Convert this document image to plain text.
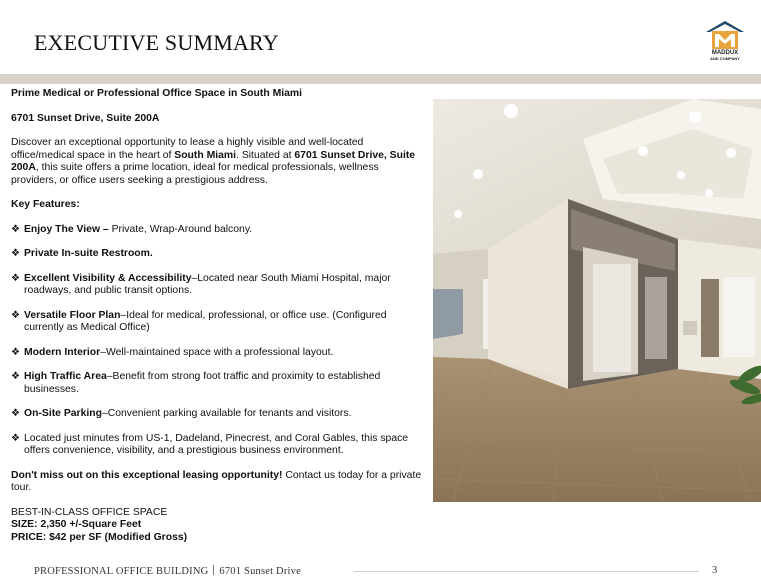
EXECUTIVE SUMMARY	MADDUX
AND COMPANY

Prime Medical or Professional Office Space in South Miami

6701 Sunset Drive, Suite 200A

Discover an exceptional opportunity to lease a highly visible and well-located office/medical space in the heart of South Miami. Situated at 6701 Sunset Drive, Suite 200A, this suite offers a prime location, ideal for medical professionals, wellness providers, or office users seeking a prestigious address.

Key Features:

❖ Enjoy The View – Private, Wrap-Around balcony.

❖ Private In-suite Restroom.

❖ Excellent Visibility & Accessibility–Located near South Miami Hospital, major roadways, and public transit options.

❖ Versatile Floor Plan–Ideal for medical, professional, or office use. (Configured currently as Medical Office)

❖ Modern Interior–Well-maintained space with a professional layout.

❖ High Traffic Area–Benefit from strong foot traffic and proximity to established businesses.

❖ On-Site Parking–Convenient parking available for tenants and visitors.

❖ Located just minutes from US-1, Dadeland, Pinecrest, and Coral Gables, this space offers convenience, visibility, and a prestigious business environment.

Don't miss out on this exceptional leasing opportunity! Contact us today for a private tour.

BEST-IN-CLASS OFFICE SPACE

SIZE: 2,350 +/-Square Feet

PRICE: $42 per SF (Modified Gross)

PROFESSIONAL OFFICE BUILDING 6701 Sunset Drive	3
